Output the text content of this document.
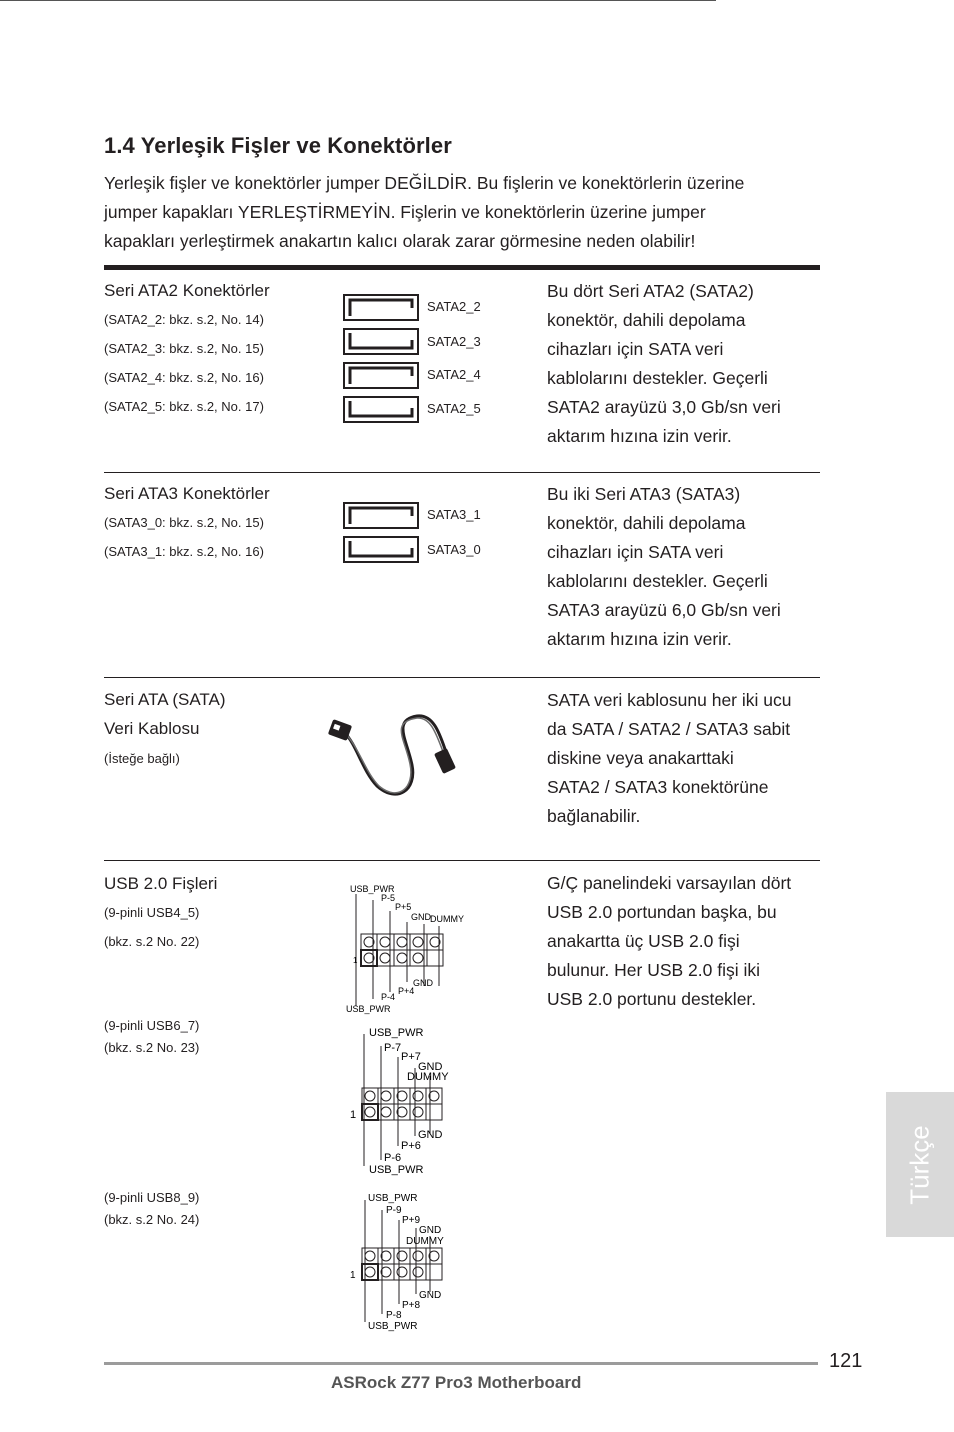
1.4 Yerleşik Fişler ve Konektörler

Yerleşik fişler ve konektörler jumper DEĞİLDİR. Bu fişlerin ve konektörlerin üzerine
jumper kapakları YERLEŞTİRMEYİN. Fişlerin ve konektörlerin üzerine jumper
kapakları yerleştirmek anakartın kalıcı olarak zarar görmesine neden olabilir!

Seri ATA2 Konektörler
(SATA2_2: bkz. s.2, No. 14)
(SATA2_3: bkz. s.2, No. 15)
(SATA2_4: bkz. s.2, No. 16)
(SATA2_5: bkz. s.2, No. 17)
SATA2_2
SATA2_3
SATA2_4
SATA2_5
Bu dört Seri ATA2 (SATA2)
konektör, dahili depolama
cihazları için SATA veri
kablolarını destekler. Geçerli
SATA2 arayüzü 3,0 Gb/sn veri
aktarım hızına izin verir.
Seri ATA3 Konektörler
(SATA3_0: bkz. s.2, No. 15)
(SATA3_1: bkz. s.2, No. 16)
SATA3_1
SATA3_0
Bu iki Seri ATA3 (SATA3)
konektör, dahili depolama
cihazları için SATA veri
kablolarını destekler. Geçerli
SATA3 arayüzü 6,0 Gb/sn veri
aktarım hızına izin verir.
Seri ATA (SATA)
Veri Kablosu
(İsteğe bağlı)
SATA veri kablosunu her iki ucu
da SATA / SATA2 / SATA3 sabit
diskine veya anakarttaki
SATA2 / SATA3 konektörüne
bağlanabilir.
USB 2.0 Fişleri
(9-pinli USB4_5)
(bkz. s.2 No. 22)
(9-pinli USB6_7)
(bkz. s.2 No. 23)
(9-pinli USB8_9)
(bkz. s.2 No. 24)
USB_PWR
P-5
P+5
GND DUMMY
1
GND
P+4
P-4
USB_PWR
USB_PWR
P-7
P+7
GND
DUMMY
1
GND
P+6
P-6
USB_PWR
USB_PWR
P-9
P+9
GND
DUMMY
1
GND
P+8
P-8
USB_PWR
G/Ç panelindeki varsayılan dört
USB 2.0 portundan başka, bu
anakartta üç USB 2.0 fişi
bulunur. Her USB 2.0 fişi iki
USB 2.0 portunu destekler.
Türkçe
121
ASRock Z77 Pro3 Motherboard
